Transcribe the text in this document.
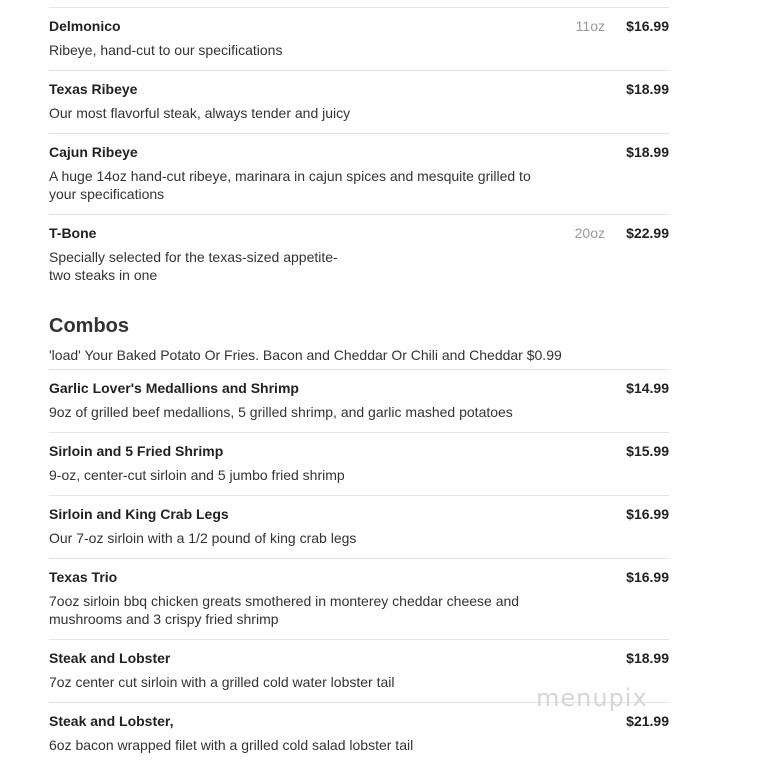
Delmonico	11oz $16.99
Ribeye, hand-cut to our specifications
Texas Ribeye	$18.99
Our most flavorful steak, always tender and juicy
Cajun Ribeye	$18.99
A huge 14oz hand-cut ribeye, marinara in cajun spices and mesquite grilled to your specifications
T-Bone	20oz $22.99
Specially selected for the texas-sized appetite-two steaks in one
Combos
'load' Your Baked Potato Or Fries. Bacon and Cheddar Or Chili and Cheddar $0.99
Garlic Lover's Medallions and Shrimp	$14.99
9oz of grilled beef medallions, 5 grilled shrimp, and garlic mashed potatoes
Sirloin and 5 Fried Shrimp	$15.99
9-oz, center-cut sirloin and 5 jumbo fried shrimp
Sirloin and King Crab Legs	$16.99
Our 7-oz sirloin with a 1/2 pound of king crab legs
Texas Trio	$16.99
7ooz sirloin bbq chicken greats smothered in monterey cheddar cheese and mushrooms and 3 crispy fried shrimp
Steak and Lobster	$18.99
7oz center cut sirloin with a grilled cold water lobster tail
Steak and Lobster,	$21.99
6oz bacon wrapped filet with a grilled cold salad lobster tail
menupix
